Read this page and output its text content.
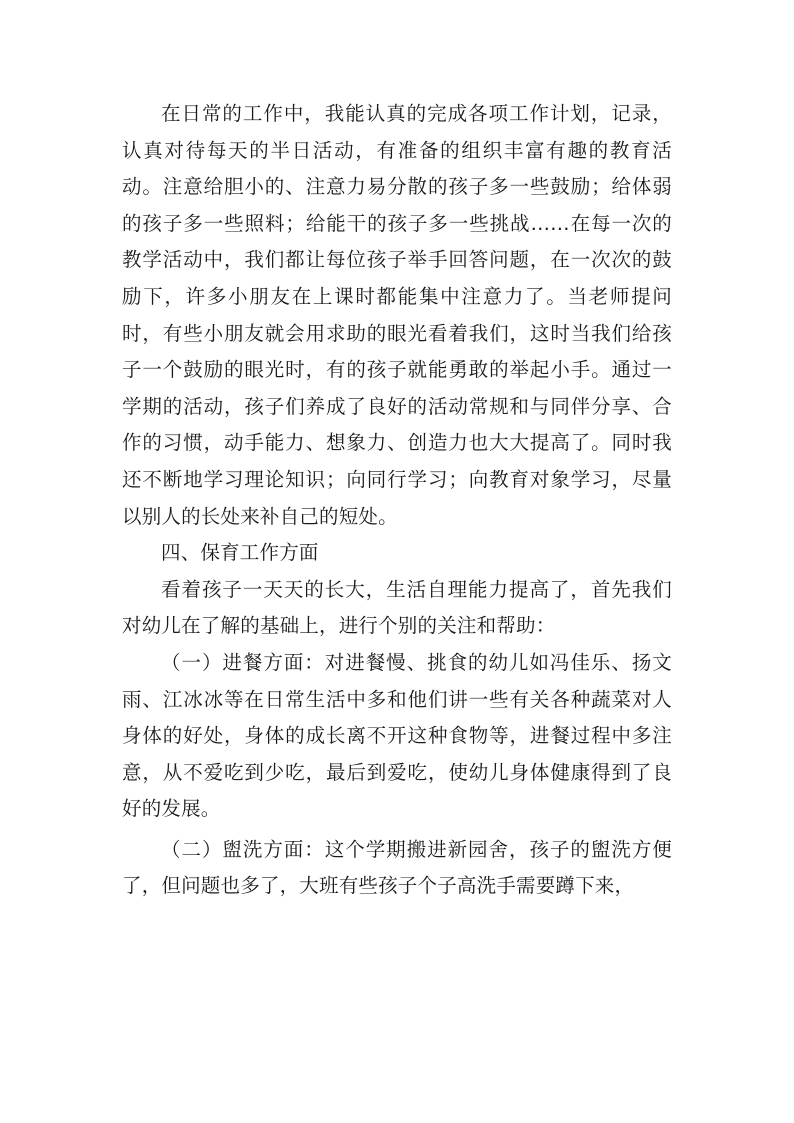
在日常的工作中，我能认真的完成各项工作计划，记录，认真对待每天的半日活动，有准备的组织丰富有趣的教育活动。注意给胆小的、注意力易分散的孩子多一些鼓励；给体弱的孩子多一些照料；给能干的孩子多一些挑战……在每一次的教学活动中，我们都让每位孩子举手回答问题，在一次次的鼓励下，许多小朋友在上课时都能集中注意力了。当老师提问时，有些小朋友就会用求助的眼光看着我们，这时当我们给孩子一个鼓励的眼光时，有的孩子就能勇敢的举起小手。通过一学期的活动，孩子们养成了良好的活动常规和与同伴分享、合作的习惯，动手能力、想象力、创造力也大大提高了。同时我还不断地学习理论知识；向同行学习；向教育对象学习，尽量以别人的长处来补自己的短处。

四、保育工作方面

看着孩子一天天的长大，生活自理能力提高了，首先我们对幼儿在了解的基础上，进行个别的关注和帮助：

（一）进餐方面：对进餐慢、挑食的幼儿如冯佳乐、扬文雨、江冰冰等在日常生活中多和他们讲一些有关各种蔬菜对人身体的好处，身体的成长离不开这种食物等，进餐过程中多注意，从不爱吃到少吃，最后到爱吃，使幼儿身体健康得到了良好的发展。

（二）盥洗方面：这个学期搬进新园舍，孩子的盥洗方便了，但问题也多了，大班有些孩子个子高洗手需要蹲下来，
